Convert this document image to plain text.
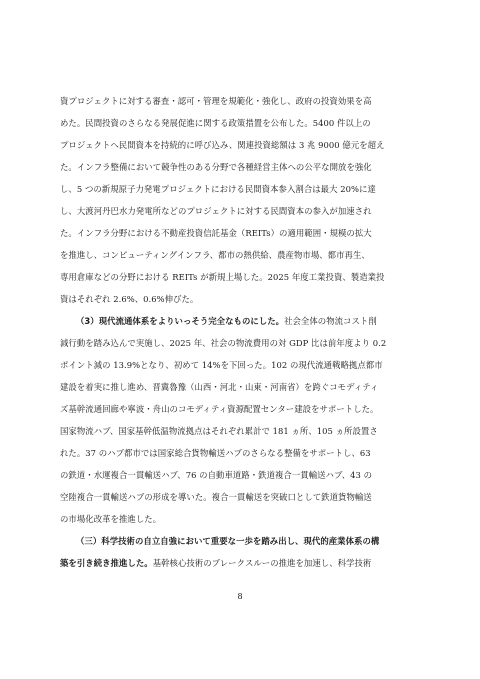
資プロジェクトに対する審査・認可・管理を規範化・強化し、政府の投資効果を高
めた。民間投資のさらなる発展促進に関する政策措置を公布した。5400 件以上の
プロジェクトへ民間資本を持続的に呼び込み、関連投資総額は 3 兆 9000 億元を超え
た。インフラ整備において競争性のある分野で各種経営主体への公平な開放を強化
し、5 つの新規原子力発電プロジェクトにおける民間資本参入割合は最大 20%に達
し、大渡河丹巴水力発電所などのプロジェクトに対する民間資本の参入が加速され
た。インフラ分野における不動産投資信託基金（REITs）の適用範囲・規模の拡大
を推進し、コンピューティングインフラ、都市の熱供給、農産物市場、都市再生、
専用倉庫などの分野における REITs が新規上場した。2025 年度工業投資、製造業投
資はそれぞれ 2.6%、0.6%伸びた。
（3）現代流通体系をよりいっそう完全なものにした。社会全体の物流コスト削
減行動を踏み込んで実施し、2025 年、社会の物流費用の対 GDP 比は前年度より 0.2
ポイント減の 13.9%となり、初めて 14%を下回った。102 の現代流通戦略拠点都市
建設を着実に推し進め、晋冀魯豫（山西・河北・山東・河南省）を跨ぐコモディティ
ズ基幹流通回廊や寧波・舟山のコモディティ資源配置センター建設をサポートした。
国家物流ハブ、国家基幹低温物流拠点はそれぞれ累計で 181 ヵ所、105 ヵ所設置さ
れた。37 のハブ都市では国家総合貨物輸送ハブのさらなる整備をサポートし、63
の鉄道・水運複合一貫輸送ハブ、76 の自動車道路・鉄道複合一貫輸送ハブ、43 の
空陸複合一貫輸送ハブの形成を導いた。複合一貫輸送を突破口として鉄道貨物輸送
の市場化改革を推進した。
（三）科学技術の自立自強において重要な一歩を踏み出し、現代的産業体系の構
築を引き続き推進した。基幹核心技術のブレークスルーの推進を加速し、科学技術
8
